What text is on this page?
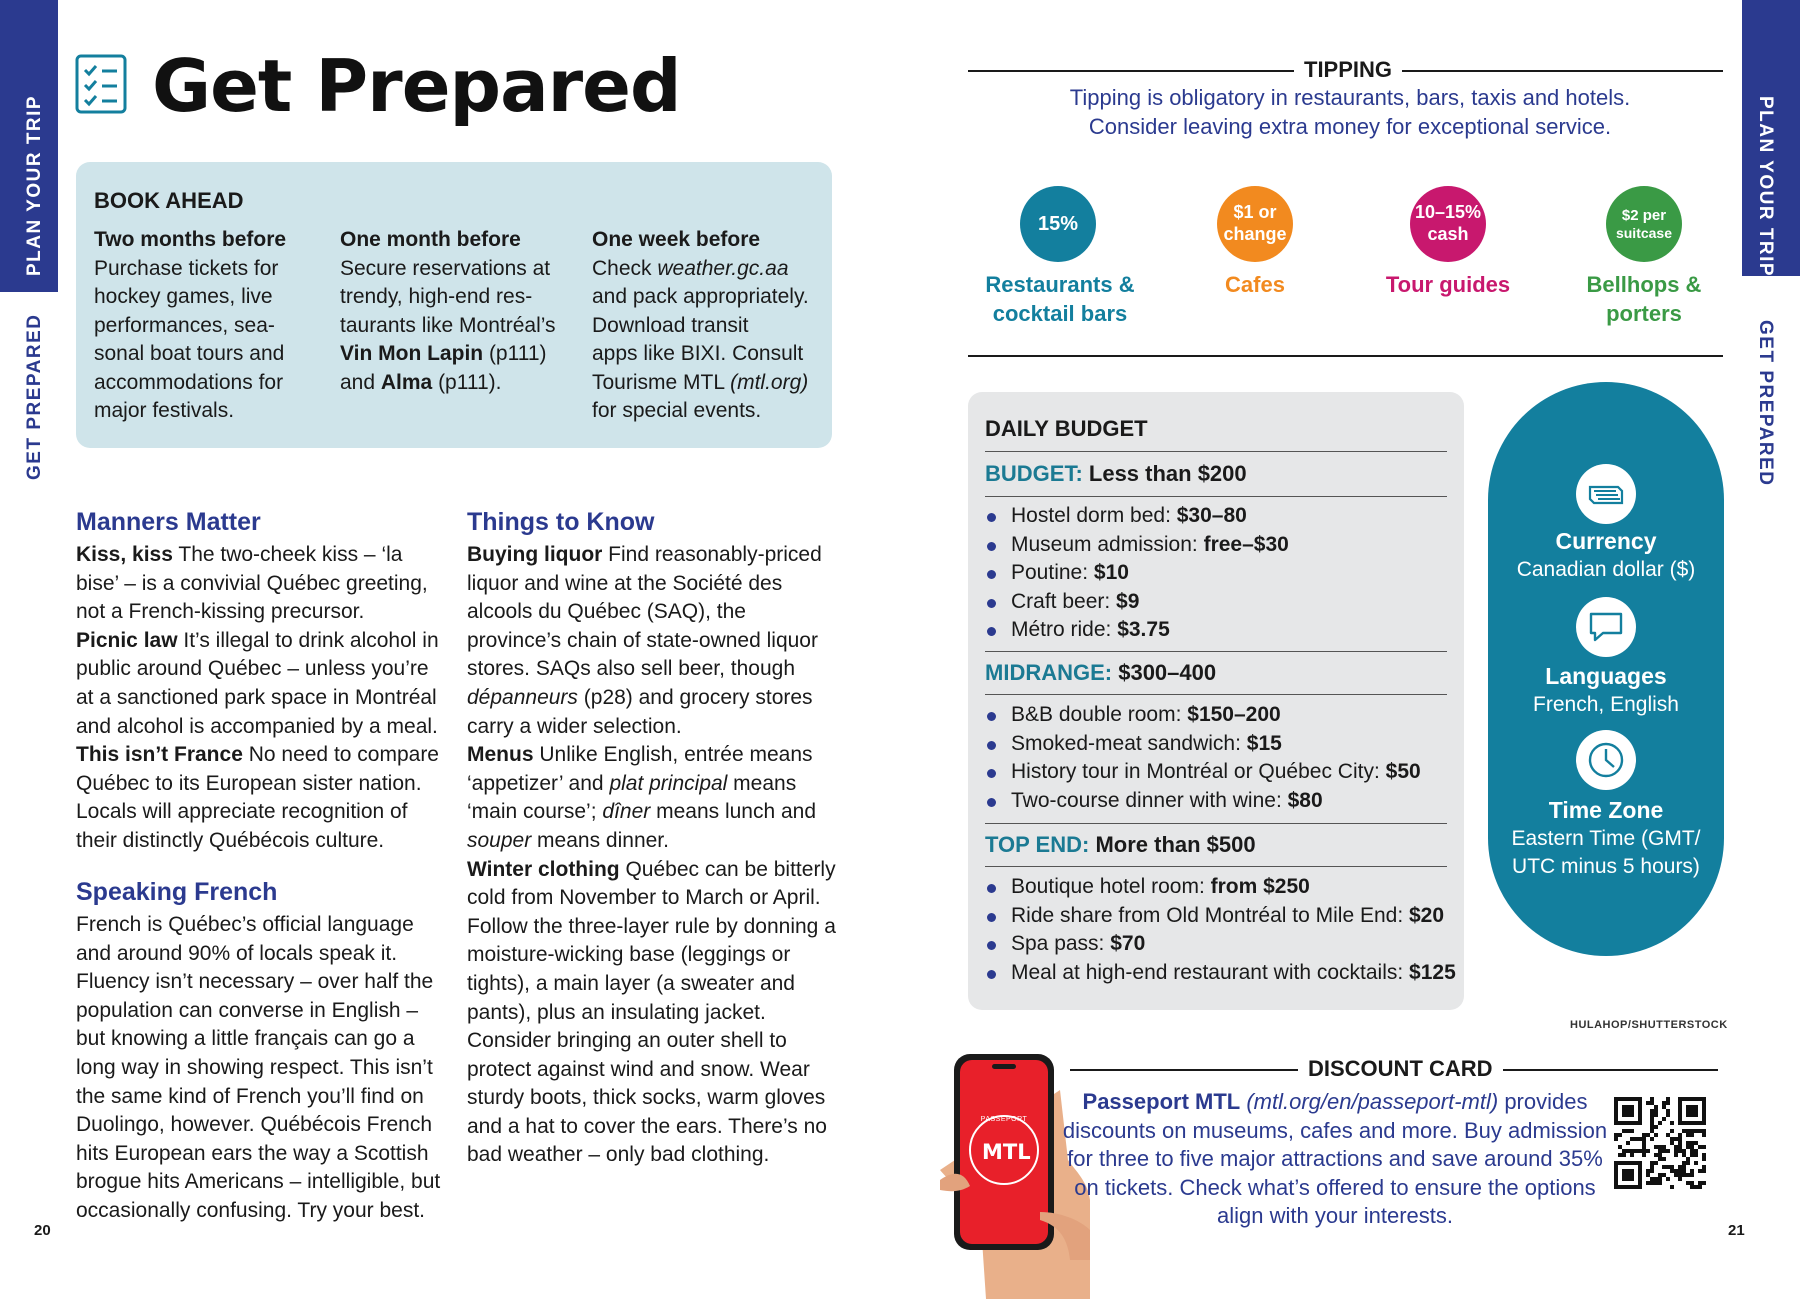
PLAN YOUR TRIP
GET PREPARED
PLAN YOUR TRIP
GET PREPARED
Get Prepared
BOOK AHEAD
Two months before
Purchase tickets for
hockey games, live
performances, sea-
sonal boat tours and
accommodations for
major festivals.
One month before
Secure reservations at
trendy, high-end res-
taurants like Montréal’s
Vin Mon Lapin (p111)
and Alma (p111).
One week before
Check weather.gc.aa
and pack appropriately.
Download transit
apps like BIXI. Consult
Tourisme MTL (mtl.org)
for special events.
Manners Matter
Kiss, kiss The two-cheek kiss – ‘la bise’ – is a convivial Québec greeting, not a French-kissing precursor.
Picnic law It’s illegal to drink alcohol in public around Québec – unless you’re at a sanctioned park space in Montréal and alcohol is accompanied by a meal.
This isn’t France No need to compare Québec to its European sister nation. Locals will appreciate recognition of their distinctly Québécois culture.
Speaking French
French is Québec’s official language and around 90% of locals speak it. Fluency isn’t necessary – over half the population can converse in English – but knowing a little français can go a long way in showing respect. This isn’t the same kind of French you’ll find on Duolingo, however. Québécois French hits European ears the way a Scottish brogue hits Americans – intelligible, but occasionally confusing. Try your best.
Things to Know
Buying liquor Find reasonably-priced liquor and wine at the Société des alcools du Québec (SAQ), the province’s chain of state-owned liquor stores. SAQs also sell beer, though dépanneurs (p28) and grocery stores carry a wider selection.
Menus Unlike English, entrée means ‘appetizer’ and plat principal means ‘main course’; dîner means lunch and souper means dinner.
Winter clothing Québec can be bitterly cold from November to March or April. Follow the three-layer rule by donning a moisture-wicking base (leggings or tights), a main layer (a sweater and pants), plus an insulating jacket. Consider bringing an outer shell to protect against wind and snow. Wear sturdy boots, thick socks, warm gloves and a hat to cover the ears. There’s no bad weather – only bad clothing.
20	21
TIPPING
Tipping is obligatory in restaurants, bars, taxis and hotels.
Consider leaving extra money for exceptional service.
15%
Restaurants &
cocktail bars
$1 or
change
Cafes
10–15%
cash
Tour guides
$2 per
suitcase
Bellhops &
porters
DAILY BUDGET
BUDGET: Less than $200
Hostel dorm bed: $30–80
Museum admission: free–$30
Poutine: $10
Craft beer: $9
Métro ride: $3.75
MIDRANGE: $300–400
B&B double room: $150–200
Smoked-meat sandwich: $15
History tour in Montréal or Québec City: $50
Two-course dinner with wine: $80
TOP END: More than $500
Boutique hotel room: from $250
Ride share from Old Montréal to Mile End: $20
Spa pass: $70
Meal at high-end restaurant with cocktails: $125
Currency
Canadian dollar ($)
Languages
French, English
Time Zone
Eastern Time (GMT/
UTC minus 5 hours)
HULAHOP/SHUTTERSTOCK
MTL
PASSEPORT
DISCOUNT CARD
Passeport MTL (mtl.org/en/passeport-mtl) provides discounts on museums, cafes and more. Buy admission for three to five major attractions and save around 35% on tickets. Check what’s offered to ensure the options align with your interests.
